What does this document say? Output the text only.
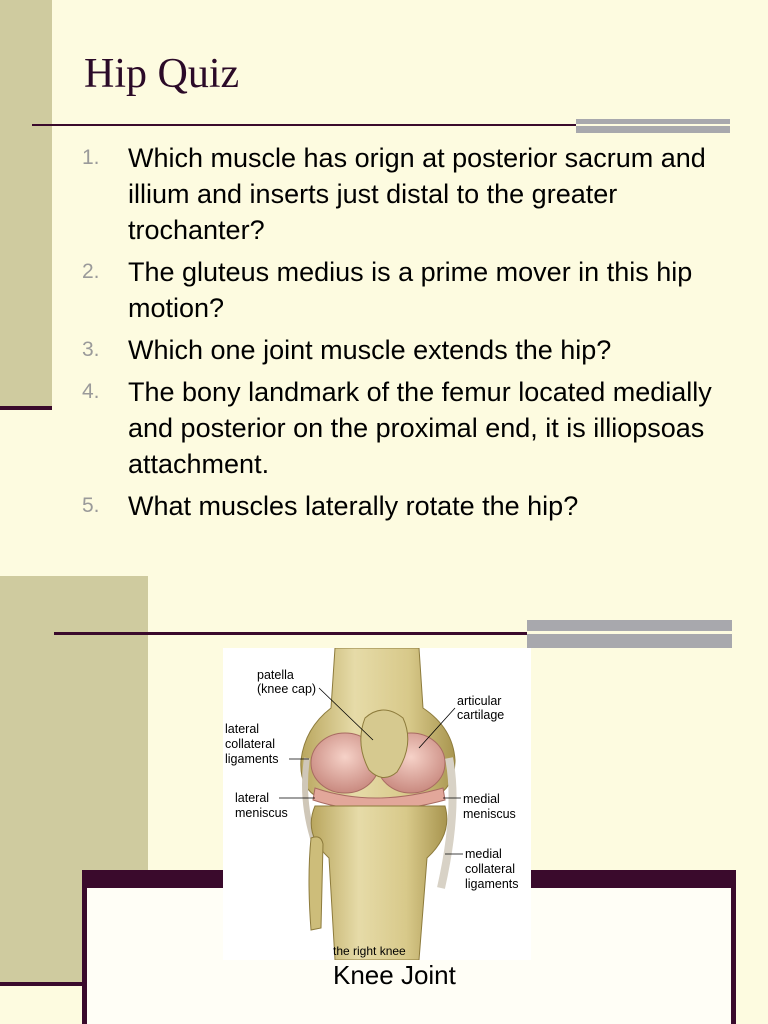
Hip Quiz
1.	Which muscle has orign at posterior sacrum and illium and inserts just distal to the greater trochanter?
2.	The gluteus medius is a prime mover in this hip motion?
3.	Which one joint muscle extends the hip?
4.	The bony landmark of the femur located medially and posterior on the proximal end, it is illiopsoas attachment.
5.	What muscles laterally rotate the hip?
patella
(knee cap)
articular
cartilage
lateral
collateral
ligaments
lateral
meniscus
medial
meniscus
medial
collateral
ligaments
the right knee
Knee Joint
